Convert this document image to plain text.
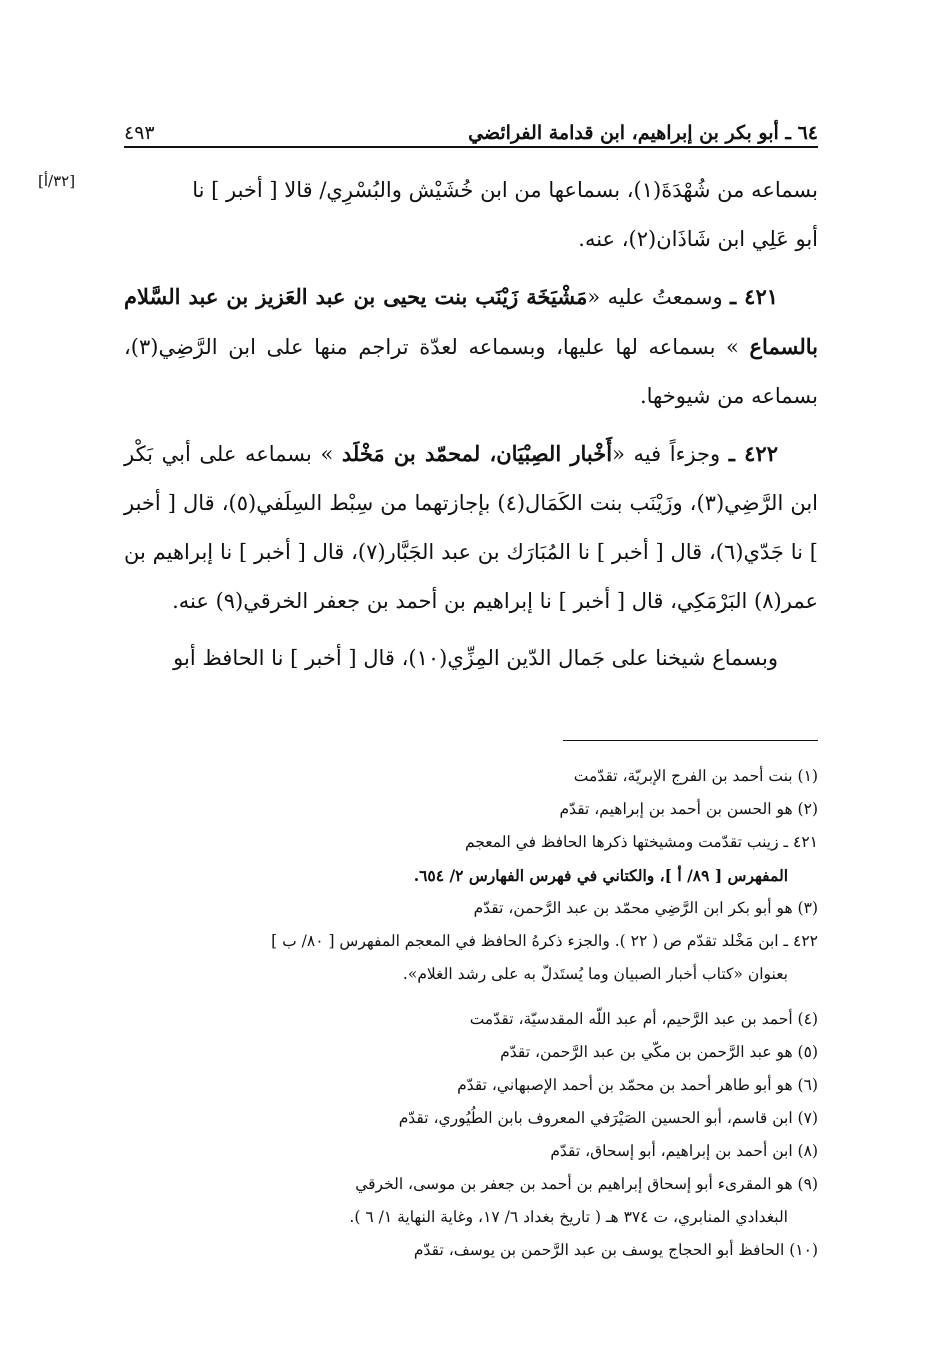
٦٤ ـ أبو بكر بن إبراهيم، ابن قدامة الفرائضي
٤٩٣
[٣٢/أ]	بسماعه من شُهْدَةَ(١)، بسماعها من ابن خُشَيْش والبُسْرِي/ قالا [ أخبر ] نا
أبو عَلِي ابن شَاذَان(٢)، عنه.

٤٢١ ـ وسمعتُ عليه «مَشْيَخَة زَيْنَب بنت يحيى بن عبد العَزيز بن عبد السَّلام بالسماع » بسماعه لها عليها، وبسماعه لعدّة تراجم منها على ابن الرَّضِي(٣)، بسماعه من شيوخها.

٤٢٢ ـ وجزءاً فيه «أَخْبار الصِبْيَان، لمحمّد بن مَخْلَد » بسماعه على أبي بَكْر ابن الرَّضِي(٣)، وزَيْنَب بنت الكَمَال(٤) بإجازتهما من سِبْط السِلَفي(٥)، قال [ أخبر ] نا جَدّي(٦)، قال [ أخبر ] نا المُبَارَك بن عبد الجَبَّار(٧)، قال [ أخبر ] نا إبراهيم بن عمر(٨) البَرْمَكِي، قال [ أخبر ] نا إبراهيم بن أحمد بن جعفر الخرقي(٩) عنه.

وبسماع شيخنا على جَمال الدّين المِزِّي(١٠)، قال [ أخبر ] نا الحافظ أبو

(١) بنت أحمد بن الفرج الإبريّة، تقدّمت

(٢) هو الحسن بن أحمد بن إبراهيم، تقدّم

٤٢١ ـ زينب تقدّمت ومشيختها ذكرها الحافظ في المعجم

المفهرس [ ٨٩/ أ ]، والكتاني في فهرس الفهارس ٢/ ٦٥٤.

(٣) هو أبو بكر ابن الرَّضِي محمّد بن عبد الرَّحمن، تقدّم

٤٢٢ ـ ابن مَخْلد تقدّم ص ( ٢٢ ). والجزء ذكرهُ الحافظ في المعجم المفهرس [ ٨٠/ ب ]

بعنوان «كتاب أخبار الصبيان وما يُستَدلّ به على رشد الغلام».

(٤) أحمد بن عبد الرَّحيم، أم عبد اللّه المقدسيّة، تقدّمت

(٥) هو عبد الرَّحمن بن مكّي بن عبد الرَّحمن، تقدّم

(٦) هو أبو طاهر أحمد بن محمّد بن أحمد الإصبهاني، تقدّم

(٧) ابن قاسم، أبو الحسين الصَيْرَفي المعروف بابن الطُيُوري، تقدّم

(٨) ابن أحمد بن إبراهيم، أبو إسحاق، تقدّم

(٩) هو المقرىء أبو إسحاق إبراهيم بن أحمد بن جعفر بن موسى، الخرقي

البغدادي المنابري، ت ٣٧٤ هـ ( تاريخ بغداد ٦/ ١٧، وغاية النهاية ١/ ٦ ).

(١٠) الحافظ أبو الحجاج يوسف بن عبد الرَّحمن بن يوسف، تقدّم
